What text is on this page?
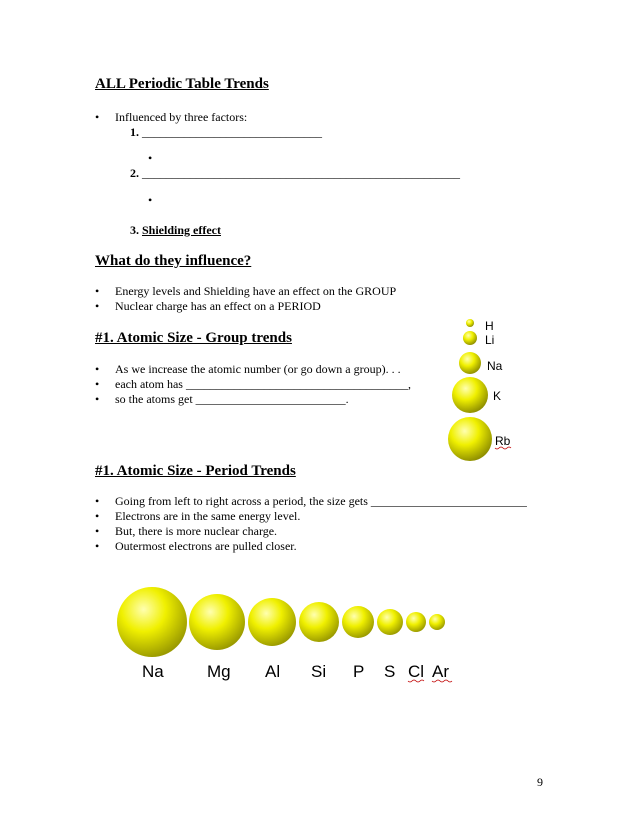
ALL Periodic Table Trends
• Influenced by three factors:
1. ______________________________
•
2. _____________________________________________________
•
3. Shielding effect
What do they influence?
• Energy levels and Shielding have an effect on the GROUP
• Nuclear charge has an effect on a PERIOD
#1. Atomic Size - Group trends
• As we increase the atomic number (or go down a group). . .
• each atom has _____________________________________,
• so the atoms get _________________________.
H
Li
Na
K
Rb
#1. Atomic Size - Period Trends
• Going from left to right across a period, the size gets __________________________
• Electrons are in the same energy level.
• But, there is more nuclear charge.
• Outermost electrons are pulled closer.
Na	Mg Al Si P S Cl Ar
9
